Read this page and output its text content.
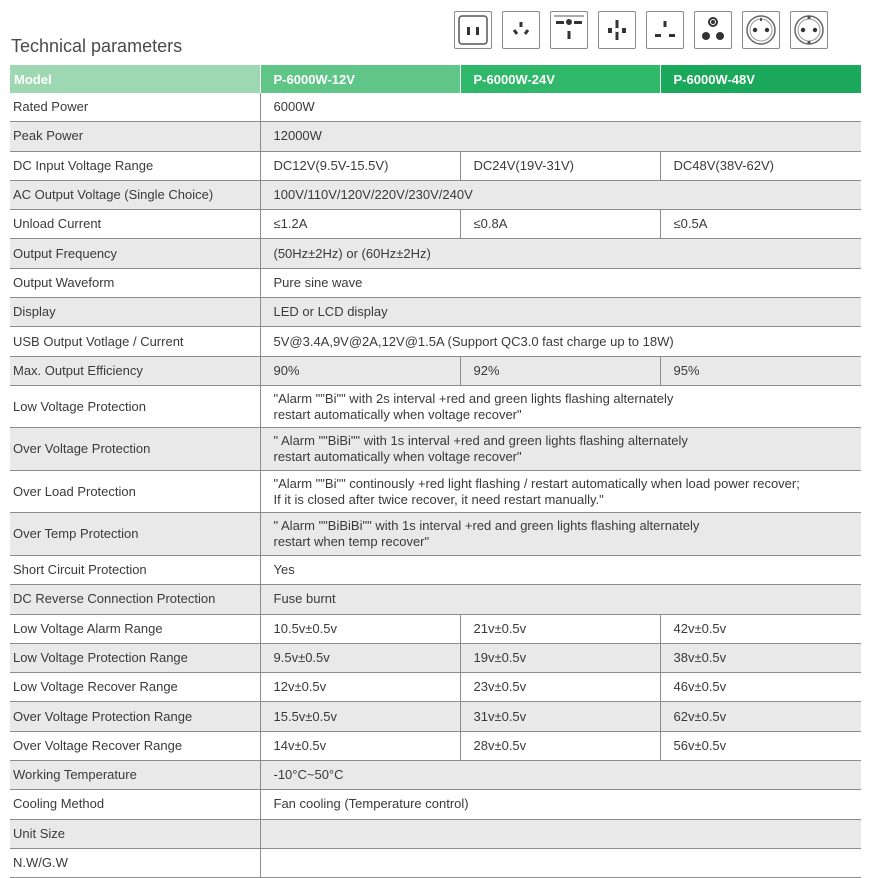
Technical parameters
Model	P-6000W-12V	P-6000W-24V	P-6000W-48V
Rated Power	6000W		
Peak Power	12000W		
DC Input Voltage Range	DC12V(9.5V-15.5V)	DC24V(19V-31V)	DC48V(38V-62V)
AC Output Voltage (Single Choice)	100V/110V/120V/220V/230V/240V		
Unload Current	≤1.2A	≤0.8A	≤0.5A
Output Frequency	(50Hz±2Hz) or (60Hz±2Hz)		
Output Waveform	Pure sine wave		
Display	LED or LCD display		
USB Output Votlage / Current	5V@3.4A,9V@2A,12V@1.5A (Support QC3.0 fast charge up to 18W)		
Max. Output Efficiency	90%	92%	95%
Low Voltage Protection	"Alarm ""Bi"" with 2s interval +red and green lights flashing alternately
restart automatically when voltage recover"		

Over Voltage Protection	" Alarm ""BiBi"" with 1s interval +red and green lights flashing alternately
restart automatically when voltage recover"		

Over Load Protection	"Alarm ""Bi"" continously +red light flashing / restart automatically when load power recover;
If it is closed after twice recover, it need restart manually."		

Over Temp Protection	" Alarm ""BiBiBi"" with 1s interval +red and green lights flashing alternately
restart when temp recover"		

Short Circuit Protection	Yes		
DC Reverse Connection Protection	Fuse burnt		
Low Voltage Alarm Range	10.5v±0.5v	21v±0.5v	42v±0.5v
Low Voltage Protection Range	9.5v±0.5v	19v±0.5v	38v±0.5v
Low Voltage Recover Range	12v±0.5v	23v±0.5v	46v±0.5v
Over Voltage Protection Range	15.5v±0.5v	31v±0.5v	62v±0.5v
Over Voltage Recover Range	14v±0.5v	28v±0.5v	56v±0.5v
Working Temperature	-10°C~50°C		
Cooling Method	Fan cooling (Temperature control)		
Unit Size			
N.W/G.W			
